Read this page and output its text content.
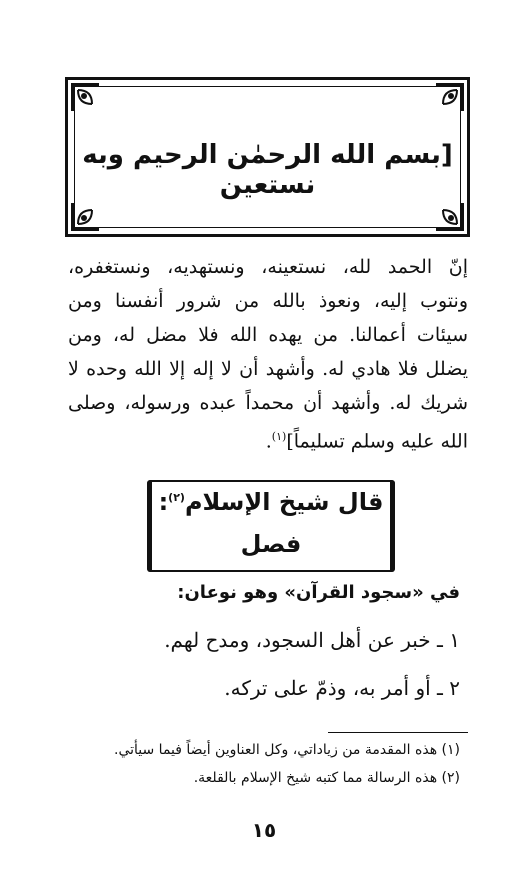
[بسم الله الرحمٰن الرحيم وبه نستعين
إنّ الحمد لله، نستعينه، ونستهديه، ونستغفره، ونتوب إليه، ونعوذ بالله من شرور أنفسنا ومن سيئات أعمالنا. من يهده الله فلا مضل له، ومن يضلل فلا هادي له. وأشهد أن لا إله إلا الله وحده لا شريك له. وأشهد أن محمداً عبده ورسوله، وصلى الله عليه وسلم تسليماً]$^{(١)}$.
قال شيخ الإسلام$^{(٢)}$:
فصل
في «سجود القرآن» وهو نوعان:
١ ـ خبر عن أهل السجود، ومدح لهم.
٢ ـ أو أمر به، وذمّ على تركه.
(١) هذه المقدمة من زياداتي، وكل العناوين أيضاً فيما سيأتي.
(٢) هذه الرسالة مما كتبه شيخ الإسلام بالقلعة.
١٥
